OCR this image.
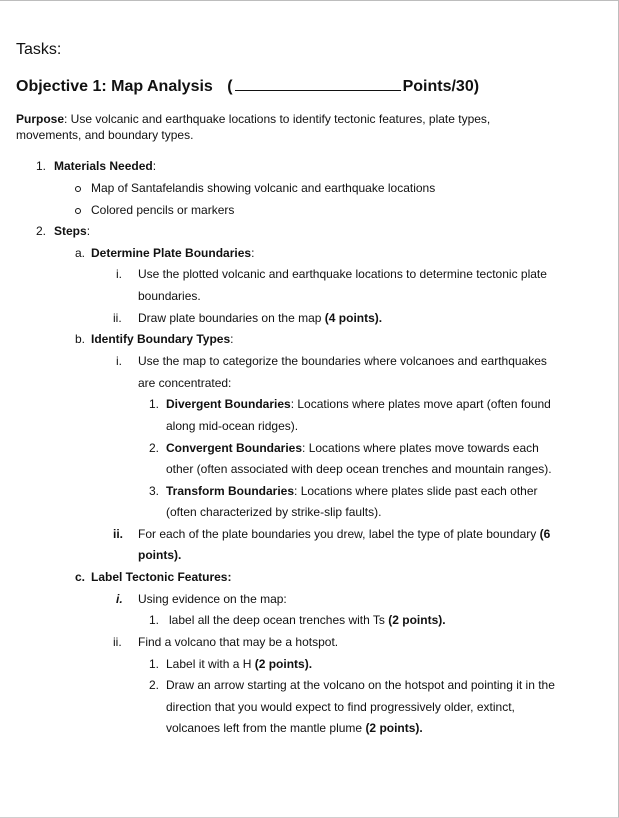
Tasks:
Objective 1: Map Analysis (	Points/30)
Purpose: Use volcanic and earthquake locations to identify tectonic features, plate types,
movements, and boundary types.
1. Materials Needed:
Map of Santafelandis showing volcanic and earthquake locations
Colored pencils or markers
2. Steps:
a. Determine Plate Boundaries:
i. Use the plotted volcanic and earthquake locations to determine tectonic plate
boundaries.
ii. Draw plate boundaries on the map (4 points).
b. Identify Boundary Types:
i. Use the map to categorize the boundaries where volcanoes and earthquakes
are concentrated:
1. Divergent Boundaries: Locations where plates move apart (often found
along mid-ocean ridges).
2. Convergent Boundaries: Locations where plates move towards each
other (often associated with deep ocean trenches and mountain ranges).
3. Transform Boundaries: Locations where plates slide past each other
(often characterized by strike-slip faults).
ii. For each of the plate boundaries you drew, label the type of plate boundary (6
points).
c. Label Tectonic Features:
i. Using evidence on the map:
1. label all the deep ocean trenches with Ts (2 points).
ii. Find a volcano that may be a hotspot.
1. Label it with a H (2 points).
2. Draw an arrow starting at the volcano on the hotspot and pointing it in the
direction that you would expect to find progressively older, extinct,
volcanoes left from the mantle plume (2 points).
